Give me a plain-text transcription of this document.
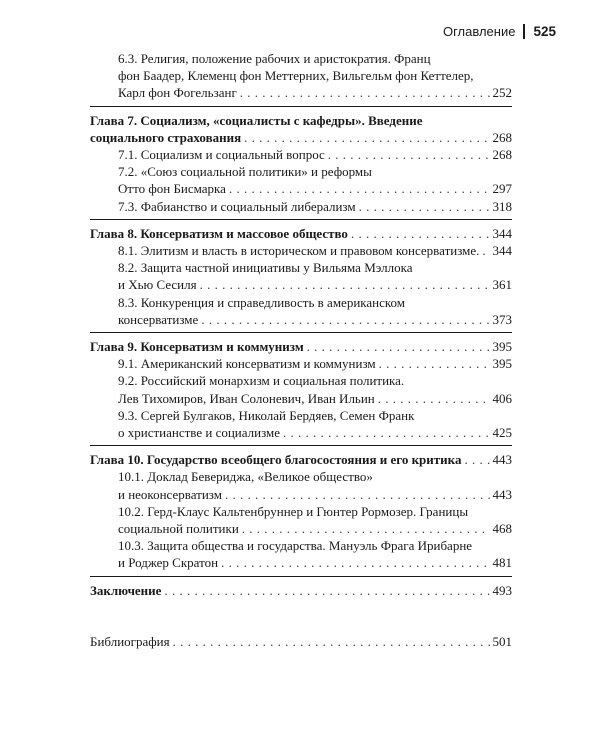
Оглавление 525
6.3. Религия, положение рабочих и аристократия. Франц
фон Баадер, Клеменц фон Меттерних, Вильгельм фон Кеттелер,
Карл фон Фогельзанг . . .	252
Глава 7. Социализм, «социалисты с кафедры». Введение
социального страхования . . .	268
7.1. Социализм и социальный вопрос . . .	268
7.2. «Союз социальной политики» и реформы
Отто фон Бисмарка . . .	297
7.3. Фабианство и социальный либерализм . . .	318
Глава 8. Консерватизм и массовое общество . . .	344
8.1. Элитизм и власть в историческом и правовом консерватизме. . . . 344
8.2. Защита частной инициативы у Вильяма Мэллока
и Хью Сесиля . . .	361
8.3. Конкуренция и справедливость в американском
консерватизме . . .	373
Глава 9. Консерватизм и коммунизм . . .	395
9.1. Американский консерватизм и коммунизм . . .	395
9.2. Российский монархизм и социальная политика.
Лев Тихомиров, Иван Солоневич, Иван Ильин . . .	406
9.3. Сергей Булгаков, Николай Бердяев, Семен Франк
о христианстве и социализме . . .	425
Глава 10. Государство всеобщего благосостояния и его критика . . . 443
10.1. Доклад Бевериджа, «Великое общество»
и неоконсерватизм . . .	443
10.2. Герд-Клаус Кальтенбруннер и Гюнтер Рормозер. Границы
социальной политики . . .	468
10.3. Защита общества и государства. Мануэль Фрага Ирибарне
и Роджер Скратон . . .	481
Заключение . . .	493
Библиография . . .	501
